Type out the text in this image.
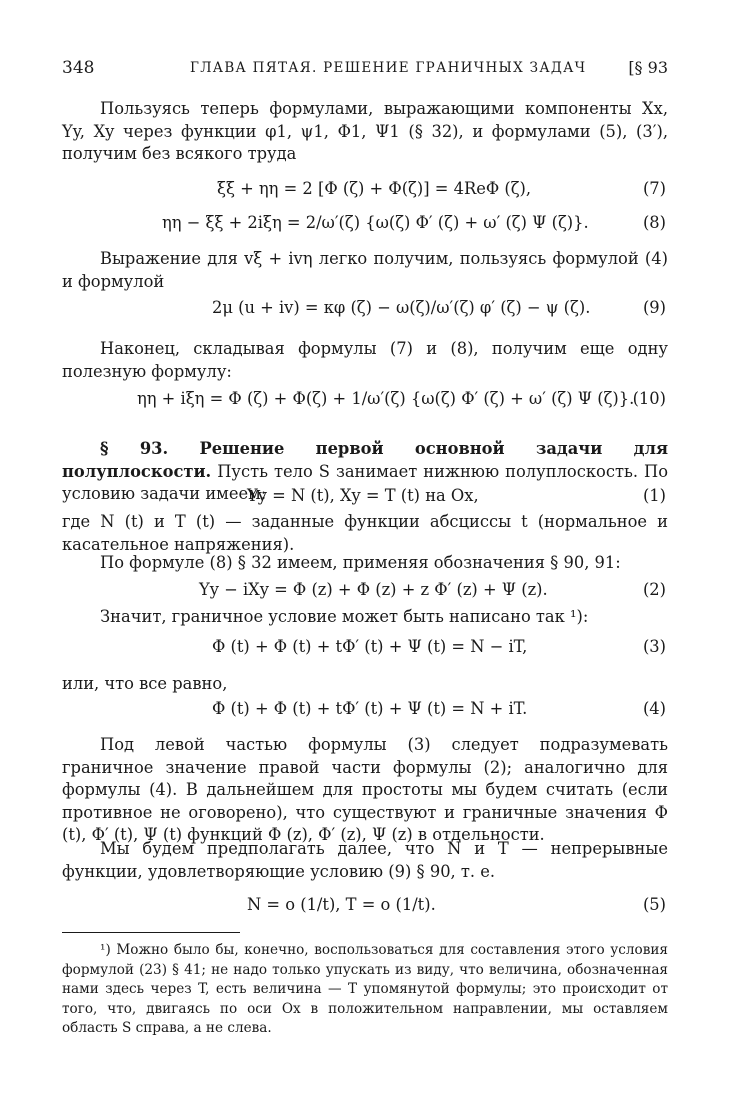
348	ГЛАВА ПЯТАЯ. РЕШЕНИЕ ГРАНИЧНЫХ ЗАДАЧ	[§ 93

Пользуясь теперь формулами, выражающими компоненты Xx, Yy, Xy через функции φ1, ψ1, Φ1, Ψ1 (§ 32), и формулами (5), (3′), получим без всякого труда

ξξ + ηη = 2 [Φ (ζ) + Φ(ζ)] = 4ReΦ (ζ),	(7)
ηη − ξξ + 2iξη = 2/ω′(ζ) {ω(ζ) Φ′ (ζ) + ω′ (ζ) Ψ (ζ)}.	(8)

Выражение для vξ + ivη легко получим, пользуясь формулой (4) и формулой

2μ (u + iv) = κφ (ζ) − ω(ζ)/ω′(ζ) φ′ (ζ) − ψ (ζ).	(9)

Наконец, складывая формулы (7) и (8), получим еще одну полезную формулу:

ηη + iξη = Φ (ζ) + Φ(ζ) + 1/ω′(ζ) {ω(ζ) Φ′ (ζ) + ω′ (ζ) Ψ (ζ)}.
(10)

§ 93. Решение первой основной задачи для полуплоскости. Пусть тело S занимает нижнюю полуплоскость. По условию задачи имеем:

Yy = N (t), Xy = T (t) на Ox,	(1)

где N (t) и T (t) — заданные функции абсциссы t (нормальное и касательное напряжения).

По формуле (8) § 32 имеем, применяя обозначения § 90, 91:

Yy − iXy = Φ (z) + Φ (z) + z Φ′ (z) + Ψ (z).	(2)

Значит, граничное условие может быть написано так ¹):

Φ (t) + Φ (t) + tΦ′ (t) + Ψ (t) = N − iT,	(3)

или, что все равно,

Φ (t) + Φ (t) + tΦ′ (t) + Ψ (t) = N + iT.	(4)

Под левой частью формулы (3) следует подразумевать граничное значение правой части формулы (2); аналогично для формулы (4). В дальнейшем для простоты мы будем считать (если противное не оговорено), что существуют и граничные значения Φ (t), Φ′ (t), Ψ (t) функций Φ (z), Φ′ (z), Ψ (z) в отдельности.

Мы будем предполагать далее, что N и T — непрерывные функции, удовлетворяющие условию (9) § 90, т. е.

N = o (1/t), T = o (1/t).	(5)

¹) Можно было бы, конечно, воспользоваться для составления этого условия формулой (23) § 41; не надо только упускать из виду, что величина, обозначенная нами здесь через T, есть величина — T упомянутой формулы; это происходит от того, что, двигаясь по оси Ox в положительном направлении, мы оставляем область S справа, а не слева.
